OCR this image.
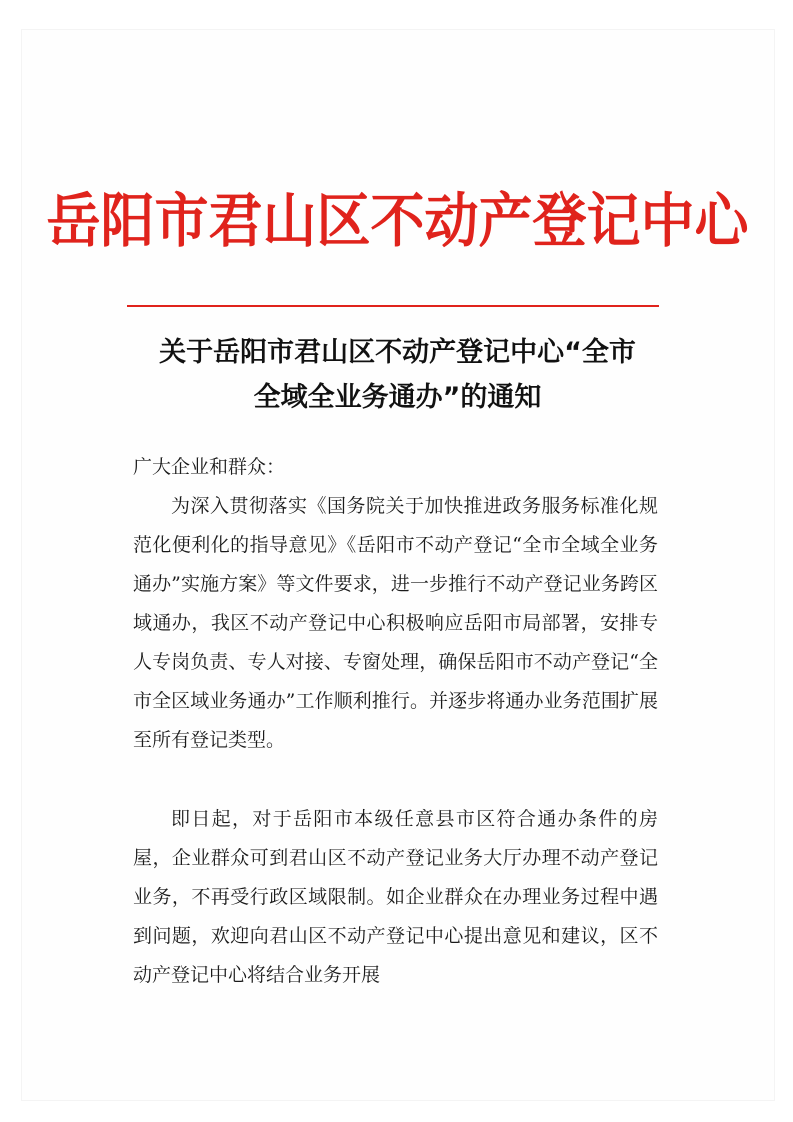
岳阳市君山区不动产登记中心
关于岳阳市君山区不动产登记中心“全市
全域全业务通办”的通知
广大企业和群众：

为深入贯彻落实《国务院关于加快推进政务服务标准化规范化便利化的指导意见》《岳阳市不动产登记“全市全域全业务通办”实施方案》等文件要求，进一步推行不动产登记业务跨区域通办，我区不动产登记中心积极响应岳阳市局部署，安排专人专岗负责、专人对接、专窗处理，确保岳阳市不动产登记“全市全区域业务通办”工作顺利推行。并逐步将通办业务范围扩展至所有登记类型。

即日起，对于岳阳市本级任意县市区符合通办条件的房屋，企业群众可到君山区不动产登记业务大厅办理不动产登记业务，不再受行政区域限制。如企业群众在办理业务过程中遇到问题，欢迎向君山区不动产登记中心提出意见和建议，区不动产登记中心将结合业务开展
